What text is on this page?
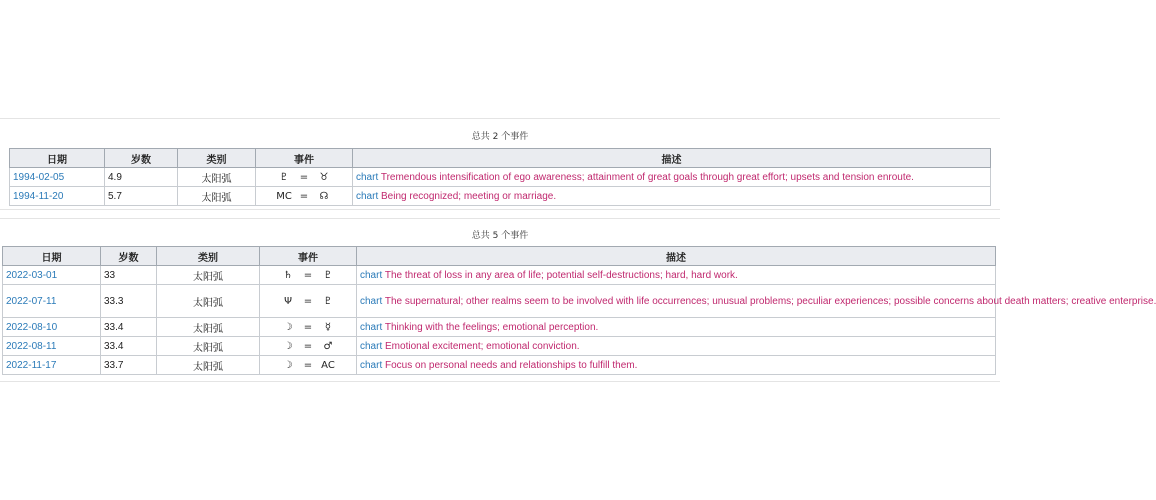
总共 2 个事件
日期	岁数	类别	事件	描述
1994-02-05	4.9	太阳弧	♇ = ♉	chart Tremendous intensification of ego awareness; attainment of great goals through great effort; upsets and tension enroute.
1994-11-20	5.7	太阳弧	MC = ☊	chart Being recognized; meeting or marriage.
总共 5 个事件
日期	岁数	类别	事件	描述
2022-03-01	33	太阳弧	♄ = ♇	chart The threat of loss in any area of life; potential self-destructions; hard, hard work.
2022-07-11	33.3	太阳弧	Ψ = ♇	chart The supernatural; other realms seem to be involved with life occurrences; unusual problems; peculiar experiences; possible concerns about death matters; creative enterprise.
2022-08-10	33.4	太阳弧	☽ = ☿	chart Thinking with the feelings; emotional perception.
2022-08-11	33.4	太阳弧	☽ = ♂	chart Emotional excitement; emotional conviction.
2022-11-17	33.7	太阳弧	☽ = AC	chart Focus on personal needs and relationships to fulfill them.
